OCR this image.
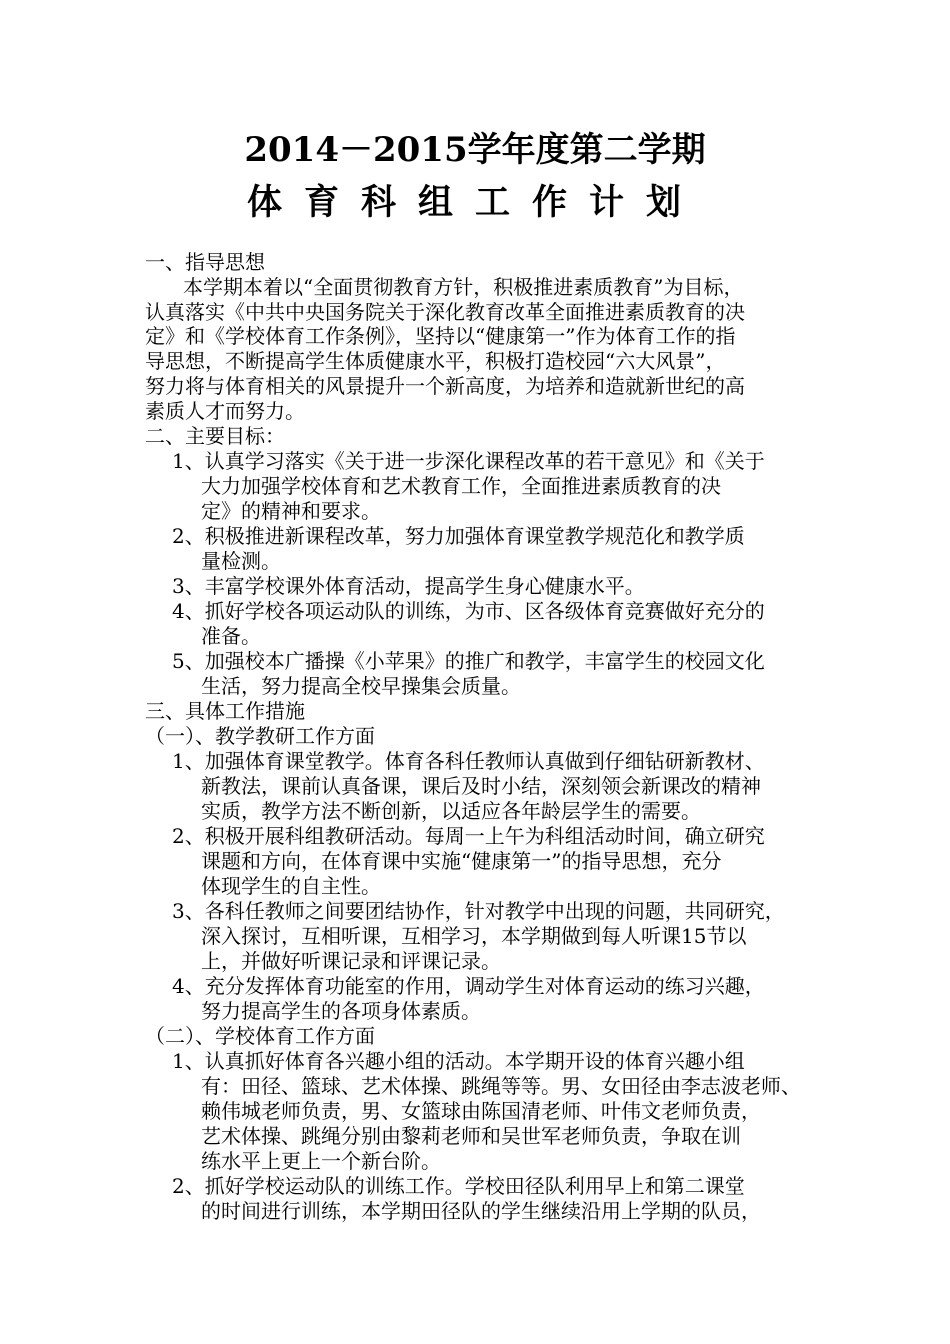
2014－2015学年度第二学期
体育科组工作计划
一、指导思想
本学期本着以“全面贯彻教育方针，积极推进素质教育”为目标，
认真落实《中共中央国务院关于深化教育改革全面推进素质教育的决
定》和《学校体育工作条例》，坚持以“健康第一”作为体育工作的指
导思想，不断提高学生体质健康水平，积极打造校园“六大风景”，
努力将与体育相关的风景提升一个新高度，为培养和造就新世纪的高
素质人才而努力。
二、主要目标：
1、认真学习落实《关于进一步深化课程改革的若干意见》和《关于
大力加强学校体育和艺术教育工作，全面推进素质教育的决
定》的精神和要求。
2、积极推进新课程改革，努力加强体育课堂教学规范化和教学质
量检测。
3、丰富学校课外体育活动，提高学生身心健康水平。
4、抓好学校各项运动队的训练，为市、区各级体育竞赛做好充分的
准备。
5、加强校本广播操《小苹果》的推广和教学，丰富学生的校园文化
生活，努力提高全校早操集会质量。
三、具体工作措施
（一）、教学教研工作方面
1、加强体育课堂教学。体育各科任教师认真做到仔细钻研新教材、
新教法，课前认真备课，课后及时小结，深刻领会新课改的精神
实质，教学方法不断创新，以适应各年龄层学生的需要。
2、积极开展科组教研活动。每周一上午为科组活动时间，确立研究
课题和方向，在体育课中实施“健康第一”的指导思想，充分
体现学生的自主性。
3、各科任教师之间要团结协作，针对教学中出现的问题，共同研究，
深入探讨，互相听课，互相学习，本学期做到每人听课15节以
上，并做好听课记录和评课记录。
4、充分发挥体育功能室的作用，调动学生对体育运动的练习兴趣，
努力提高学生的各项身体素质。
（二）、学校体育工作方面
1、认真抓好体育各兴趣小组的活动。本学期开设的体育兴趣小组
有：田径、篮球、艺术体操、跳绳等等。男、女田径由李志波老师、
赖伟城老师负责，男、女篮球由陈国清老师、叶伟文老师负责，
艺术体操、跳绳分别由黎莉老师和吴世军老师负责，争取在训
练水平上更上一个新台阶。
2、抓好学校运动队的训练工作。学校田径队利用早上和第二课堂
的时间进行训练，本学期田径队的学生继续沿用上学期的队员，
